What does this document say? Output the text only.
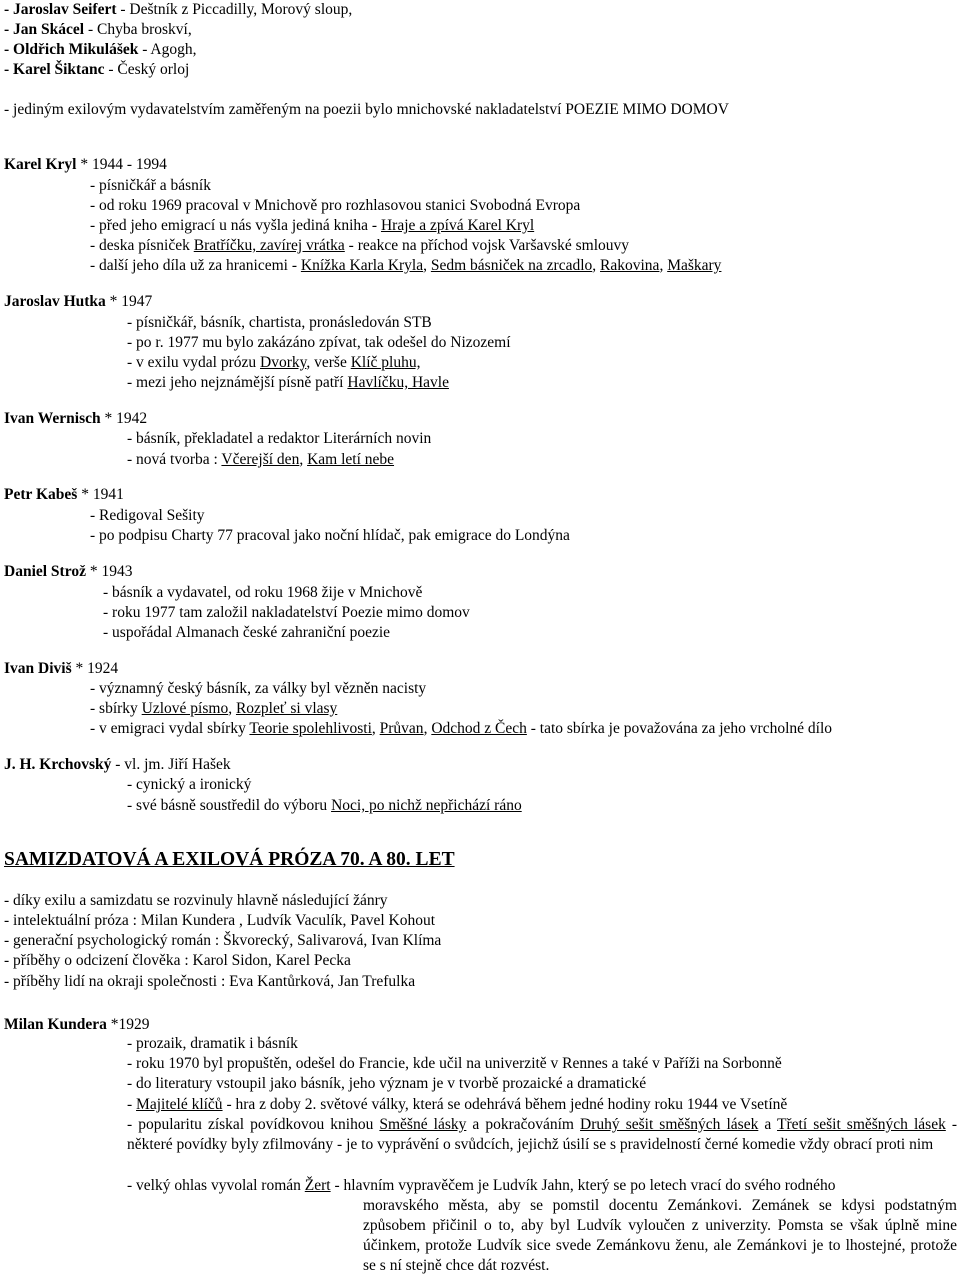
- Jaroslav Seifert - Deštník z Piccadilly, Morový sloup,
- Jan Skácel - Chyba broskví,
- Oldřich Mikulášek - Agogh,
- Karel Šiktanc - Český orloj
- jediným exilovým vydavatelstvím zaměřeným na poezii bylo mnichovské nakladatelství POEZIE MIMO DOMOV
Karel Kryl * 1944 - 1994
- písničkář a básník
- od roku 1969 pracoval v Mnichově pro rozhlasovou stanici Svobodná Evropa
- před jeho emigrací u nás vyšla jediná kniha - Hraje a zpívá Karel Kryl
- deska písniček Bratříčku, zavírej vrátka - reakce na příchod vojsk Varšavské smlouvy
- další jeho díla už za hranicemi - Knížka Karla Kryla, Sedm básniček na zrcadlo, Rakovina, Maškary
Jaroslav Hutka * 1947
- písničkář, básník, chartista, pronásledován STB
- po r. 1977 mu bylo zakázáno zpívat, tak odešel do Nizozemí
- v exilu vydal prózu Dvorky, verše Klíč pluhu,
- mezi jeho nejznámější písně patří Havlíčku, Havle
Ivan Wernisch * 1942
- básník, překladatel a redaktor Literárních novin
- nová tvorba : Včerejší den, Kam letí nebe
Petr Kabeš * 1941
- Redigoval Sešity
- po podpisu Charty 77 pracoval jako noční hlídač, pak emigrace do Londýna
Daniel Strož * 1943
- básník a vydavatel, od roku 1968 žije v Mnichově
- roku 1977 tam založil nakladatelství Poezie mimo domov
- uspořádal Almanach české zahraniční poezie
Ivan Diviš * 1924
- významný český básník, za války byl vězněn nacisty
- sbírky Uzlové písmo, Rozpleť si vlasy
- v emigraci vydal sbírky Teorie spolehlivosti, Průvan, Odchod z Čech - tato sbírka je považována za jeho vrcholné dílo
J. H. Krchovský - vl. jm. Jiří Hašek
- cynický a ironický
- své básně soustředil do výboru Noci, po nichž nepřichází ráno
SAMIZDATOVÁ A EXILOVÁ PRÓZA 70. A 80. LET
- díky exilu a samizdatu se rozvinuly hlavně následující žánry
- intelektuální próza : Milan Kundera , Ludvík Vaculík, Pavel Kohout
- generační psychologický román : Škvorecký, Salivarová, Ivan Klíma
- příběhy o odcizení člověka : Karol Sidon, Karel Pecka
- příběhy lidí na okraji společnosti : Eva Kantůrková, Jan Trefulka
Milan Kundera *1929
- prozaik, dramatik i básník
- roku 1970 byl propuštěn, odešel do Francie, kde učil na univerzitě v Rennes a také v Paříži na Sorbonně
- do literatury vstoupil jako básník, jeho význam je v tvorbě prozaické a dramatické
- Majitelé klíčů - hra z doby 2. světové války, která se odehrává během jedné hodiny roku 1944 ve Vsetíně
- popularitu získal povídkovou knihou Směšné lásky a pokračováním Druhý sešit směšných lásek a Třetí sešit směšných lásek - některé povídky byly zfilmovány - je to vyprávění o svůdcích, jejichž úsilí se s pravidelností černé komedie vždy obrací proti nim
- velký ohlas vyvolal román Žert - hlavním vypravěčem je Ludvík Jahn, který se po letech vrací do svého rodného
moravského města, aby se pomstil docentu Zemánkovi. Zemánek se kdysi podstatným způsobem přičinil o to, aby byl Ludvík vyloučen z univerzity. Pomsta se však úplně mine účinkem, protože Ludvík sice svede Zemánkovu ženu, ale Zemánkovi je to lhostejné, protože se s ní stejně chce dát rozvést.
